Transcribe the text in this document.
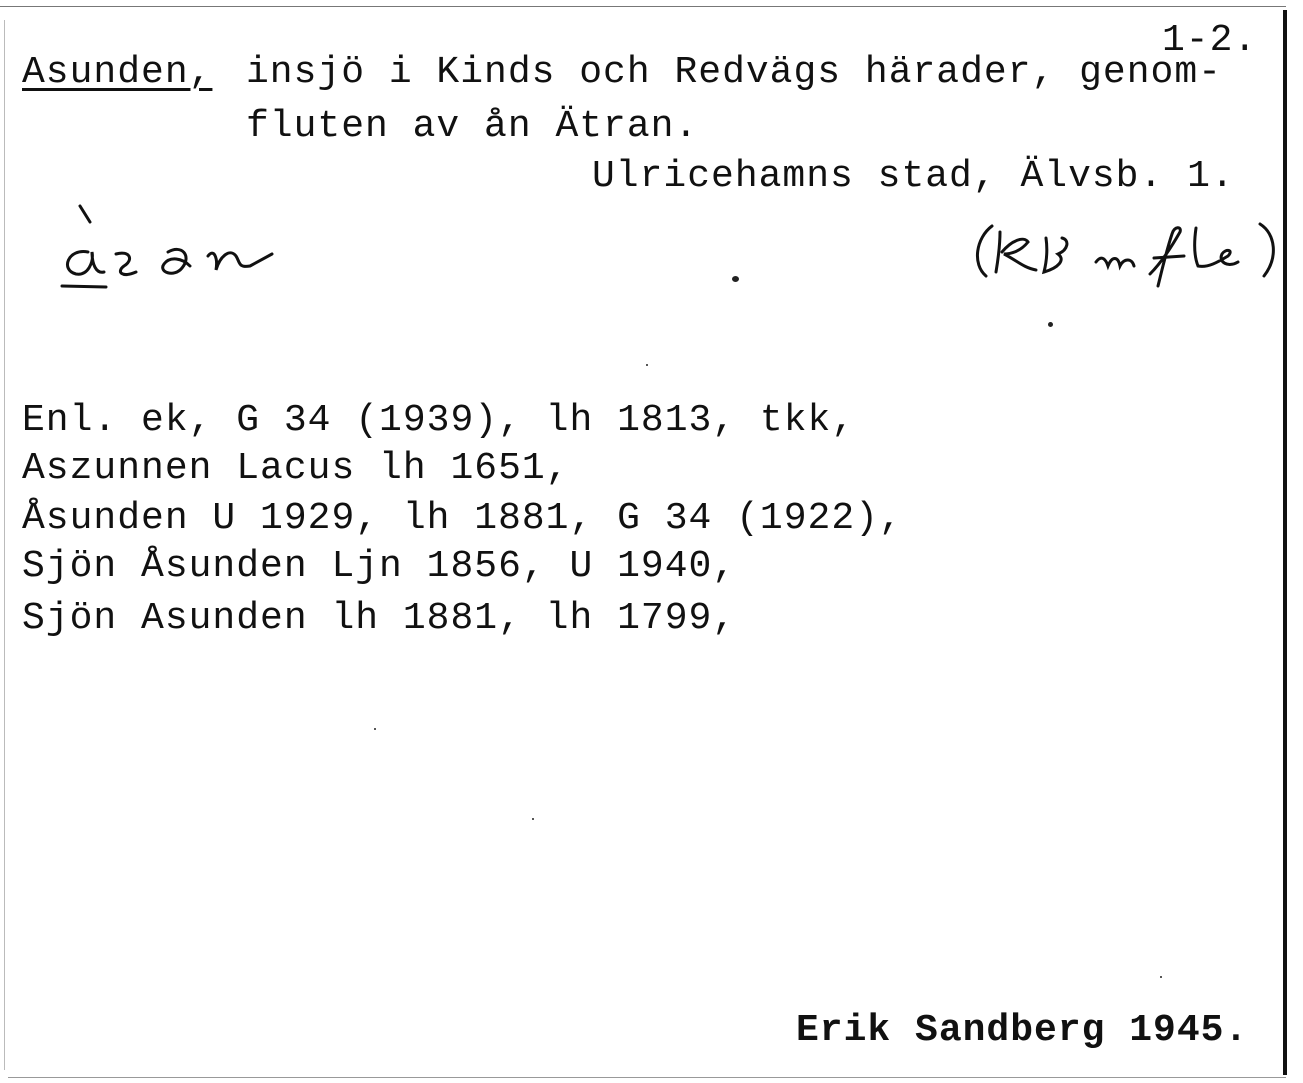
1-2.
Asunden, insjö i Kinds och Redvägs härader, genom-
fluten av ån Ätran.
Ulricehamns stad, Älvsb. 1.
Enl. ek, G 34 (1939), lh 1813, tkk,
Aszunnen Lacus lh 1651,
Åsunden U 1929, lh 1881, G 34 (1922),
Sjön Åsunden Ljn 1856, U 1940,
Sjön Asunden lh 1881, lh 1799,
Erik Sandberg 1945.
